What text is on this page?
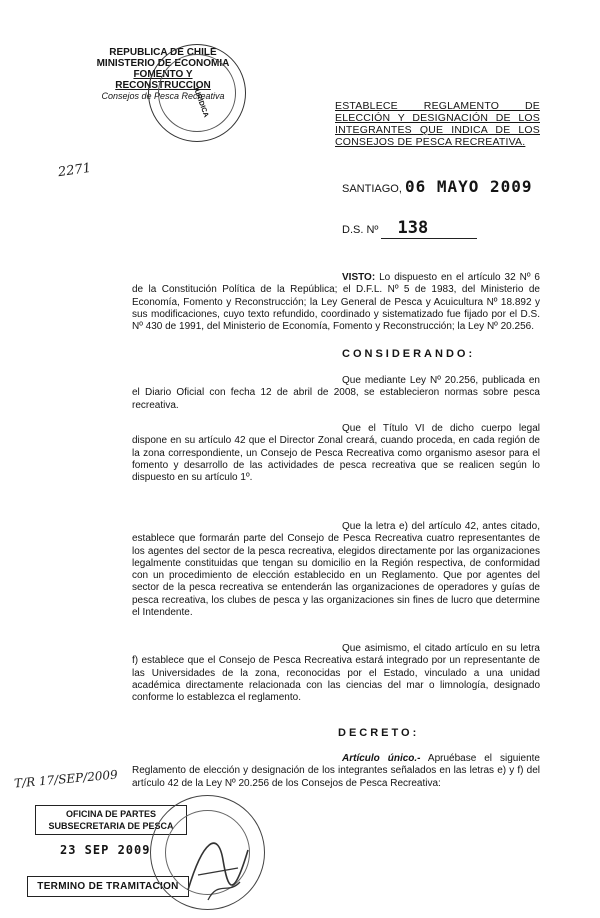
REPUBLICA DE CHILE
MINISTERIO DE ECONOMIA
FOMENTO Y RECONSTRUCCION
Consejos de Pesca Recreativa
JURIDICA
2271
ESTABLECE REGLAMENTO DE ELECCIÓN Y DESIGNACIÓN DE LOS INTEGRANTES QUE INDICA DE LOS CONSEJOS DE PESCA RECREATIVA.
SANTIAGO, 06 MAYO 2009
D.S. Nº 138

VISTO: Lo dispuesto en el artículo 32 Nº 6 de la Constitución Política de la República; el D.F.L. Nº 5 de 1983, del Ministerio de Economía, Fomento y Reconstrucción; la Ley General de Pesca y Acuicultura Nº 18.892 y sus modificaciones, cuyo texto refundido, coordinado y sistematizado fue fijado por el D.S. Nº 430 de 1991, del Ministerio de Economía, Fomento y Reconstrucción; la Ley Nº 20.256.

CONSIDERANDO:

Que mediante Ley Nº 20.256, publicada en el Diario Oficial con fecha 12 de abril de 2008, se establecieron normas sobre pesca recreativa.

Que el Título VI de dicho cuerpo legal dispone en su artículo 42 que el Director Zonal creará, cuando proceda, en cada región de la zona correspondiente, un Consejo de Pesca Recreativa como organismo asesor para el fomento y desarrollo de las actividades de pesca recreativa que se realicen según lo dispuesto en su artículo 1º.

Que la letra e) del artículo 42, antes citado, establece que formarán parte del Consejo de Pesca Recreativa cuatro representantes de los agentes del sector de la pesca recreativa, elegidos directamente por las organizaciones legalmente constituidas que tengan su domicilio en la Región respectiva, de conformidad con un procedimiento de elección establecido en un Reglamento. Que por agentes del sector de la pesca recreativa se entenderán las organizaciones de operadores y guías de pesca recreativa, los clubes de pesca y las organizaciones sin fines de lucro que determine el Intendente.

Que asimismo, el citado artículo en su letra f) establece que el Consejo de Pesca Recreativa estará integrado por un representante de las Universidades de la zona, reconocidas por el Estado, vinculado a una unidad académica directamente relacionada con las ciencias del mar o limnología, designado conforme lo establezca el reglamento.

DECRETO:

Artículo único.- Apruébase el siguiente Reglamento de elección y designación de los integrantes señalados en las letras e) y f) del artículo 42 de la Ley Nº 20.256 de los Consejos de Pesca Recreativa:

T/R 17/SEP/2009
OFICINA DE PARTES
SUBSECRETARIA DE PESCA
23 SEP 2009
TERMINO DE TRAMITACION
